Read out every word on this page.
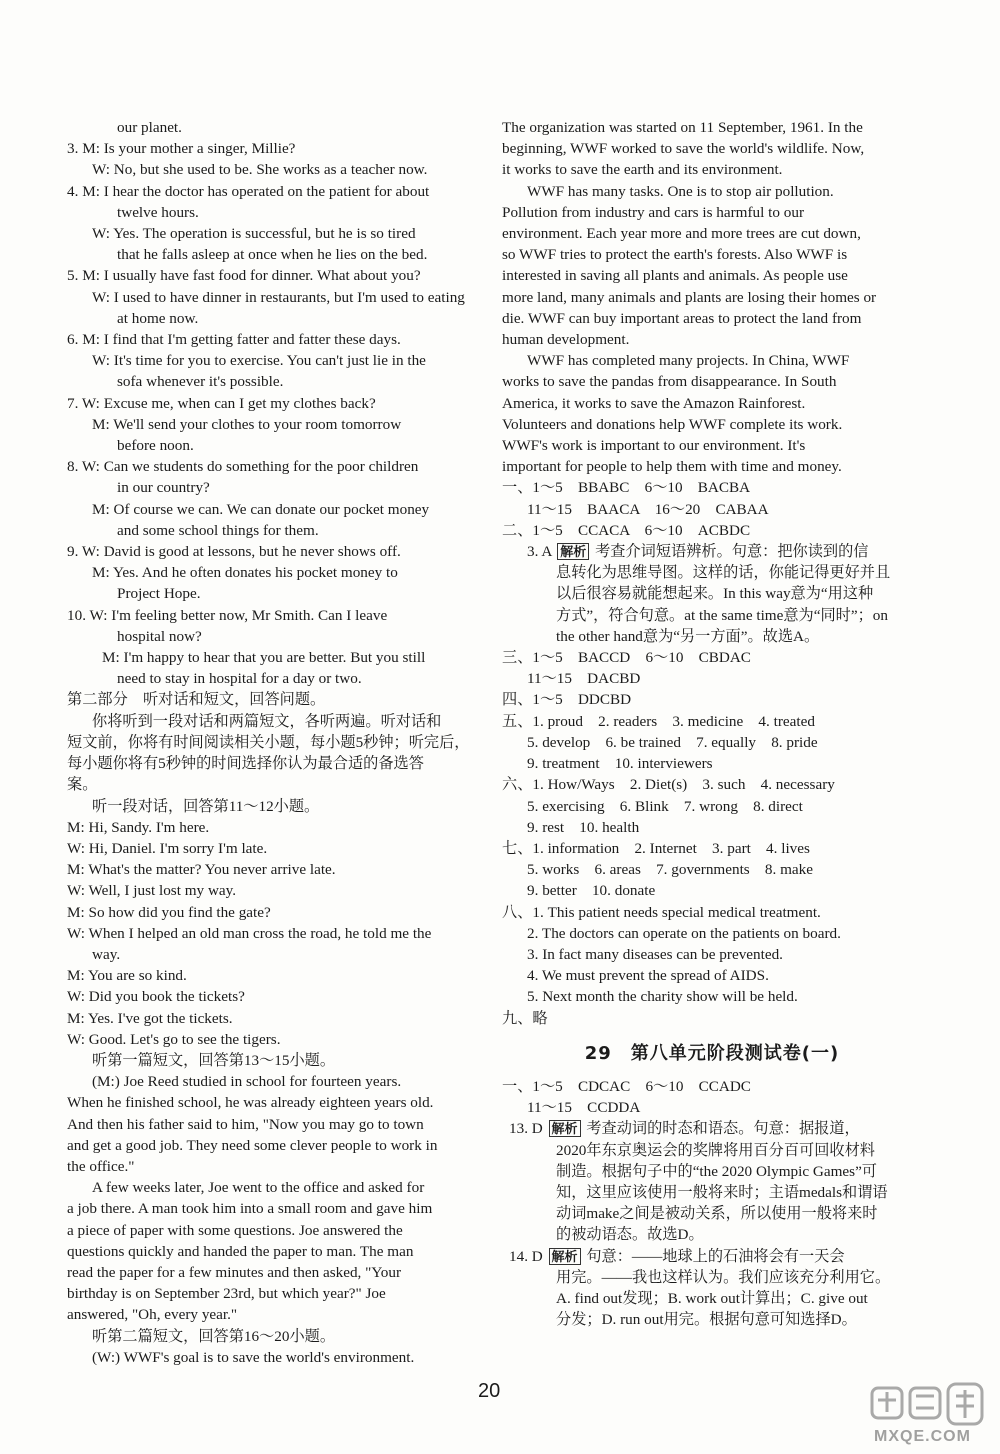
our planet.
3. M: Is your mother a singer, Millie?
W: No, but she used to be. She works as a teacher now.
4. M: I hear the doctor has operated on the patient for about
twelve hours.
W: Yes. The operation is successful, but he is so tired
that he falls asleep at once when he lies on the bed.
5. M: I usually have fast food for dinner. What about you?
W: I used to have dinner in restaurants, but I'm used to eating
at home now.
6. M: I find that I'm getting fatter and fatter these days.
W: It's time for you to exercise. You can't just lie in the
sofa whenever it's possible.
7. W: Excuse me, when can I get my clothes back?
M: We'll send your clothes to your room tomorrow
before noon.
8. W: Can we students do something for the poor children
in our country?
M: Of course we can. We can donate our pocket money
and some school things for them.
9. W: David is good at lessons, but he never shows off.
M: Yes. And he often donates his pocket money to
Project Hope.
10. W: I'm feeling better now, Mr Smith. Can I leave
hospital now?
M: I'm happy to hear that you are better. But you still
need to stay in hospital for a day or two.
第二部分　听对话和短文，回答问题。
你将听到一段对话和两篇短文，各听两遍。听对话和
短文前，你将有时间阅读相关小题，每小题5秒钟；听完后，
每小题你将有5秒钟的时间选择你认为最合适的备选答
案。
听一段对话，回答第11～12小题。
M: Hi, Sandy. I'm here.
W: Hi, Daniel. I'm sorry I'm late.
M: What's the matter? You never arrive late.
W: Well, I just lost my way.
M: So how did you find the gate?
W: When I helped an old man cross the road, he told me the
way.
M: You are so kind.
W: Did you book the tickets?
M: Yes. I've got the tickets.
W: Good. Let's go to see the tigers.
听第一篇短文，回答第13～15小题。
(M:) Joe Reed studied in school for fourteen years.
When he finished school, he was already eighteen years old.
And then his father said to him, "Now you may go to town
and get a good job. They need some clever people to work in
the office."
A few weeks later, Joe went to the office and asked for
a job there. A man took him into a small room and gave him
a piece of paper with some questions. Joe answered the
questions quickly and handed the paper to man. The man
read the paper for a few minutes and then asked, "Your
birthday is on September 23rd, but which year?" Joe
answered, "Oh, every year."
听第二篇短文，回答第16～20小题。
(W:) WWF's goal is to save the world's environment.
The organization was started on 11 September, 1961. In the
beginning, WWF worked to save the world's wildlife. Now,
it works to save the earth and its environment.
WWF has many tasks. One is to stop air pollution.
Pollution from industry and cars is harmful to our
environment. Each year more and more trees are cut down,
so WWF tries to protect the earth's forests. Also WWF is
interested in saving all plants and animals. As people use
more land, many animals and plants are losing their homes or
die. WWF can buy important areas to protect the land from
human development.
WWF has completed many projects. In China, WWF
works to save the pandas from disappearance. In South
America, it works to save the Amazon Rainforest.
Volunteers and donations help WWF complete its work.
WWF's work is important to our environment. It's
important for people to help them with time and money.
一、1～5　BBABC　6～10　BACBA
11～15　BAACA　16～20　CABAA
二、1～5　CCACA　6～10　ACBDC
3. A 解析 考查介词短语辨析。句意：把你读到的信
息转化为思维导图。这样的话，你能记得更好并且
以后很容易就能想起来。In this way意为“用这种
方式”，符合句意。at the same time意为“同时”；on
the other hand意为“另一方面”。故选A。
三、1～5　BACCD　6～10　CBDAC
11～15　DACBD
四、1～5　DDCBD
五、1. proud　2. readers　3. medicine　4. treated
5. develop　6. be trained　7. equally　8. pride
9. treatment　10. interviewers
六、1. How/Ways　2. Diet(s)　3. such　4. necessary
5. exercising　6. Blink　7. wrong　8. direct
9. rest　10. health
七、1. information　2. Internet　3. part　4. lives
5. works　6. areas　7. governments　8. make
9. better　10. donate
八、1. This patient needs special medical treatment.
2. The doctors can operate on the patients on board.
3. In fact many diseases can be prevented.
4. We must prevent the spread of AIDS.
5. Next month the charity show will be held.
九、略
29　第八单元阶段测试卷(一)
一、1～5　CDCAC　6～10　CCADC
11～15　CCDDA
13. D 解析 考查动词的时态和语态。句意：据报道，
2020年东京奥运会的奖牌将用百分百可回收材料
制造。根据句子中的“the 2020 Olympic Games”可
知，这里应该使用一般将来时；主语medals和谓语
动词make之间是被动关系，所以使用一般将来时
的被动语态。故选D。
14. D 解析 句意：——地球上的石油将会有一天会
用完。——我也这样认为。我们应该充分利用它。
A. find out发现；B. work out计算出；C. give out
分发；D. run out用完。根据句意可知选择D。
20
MXQE.COM
